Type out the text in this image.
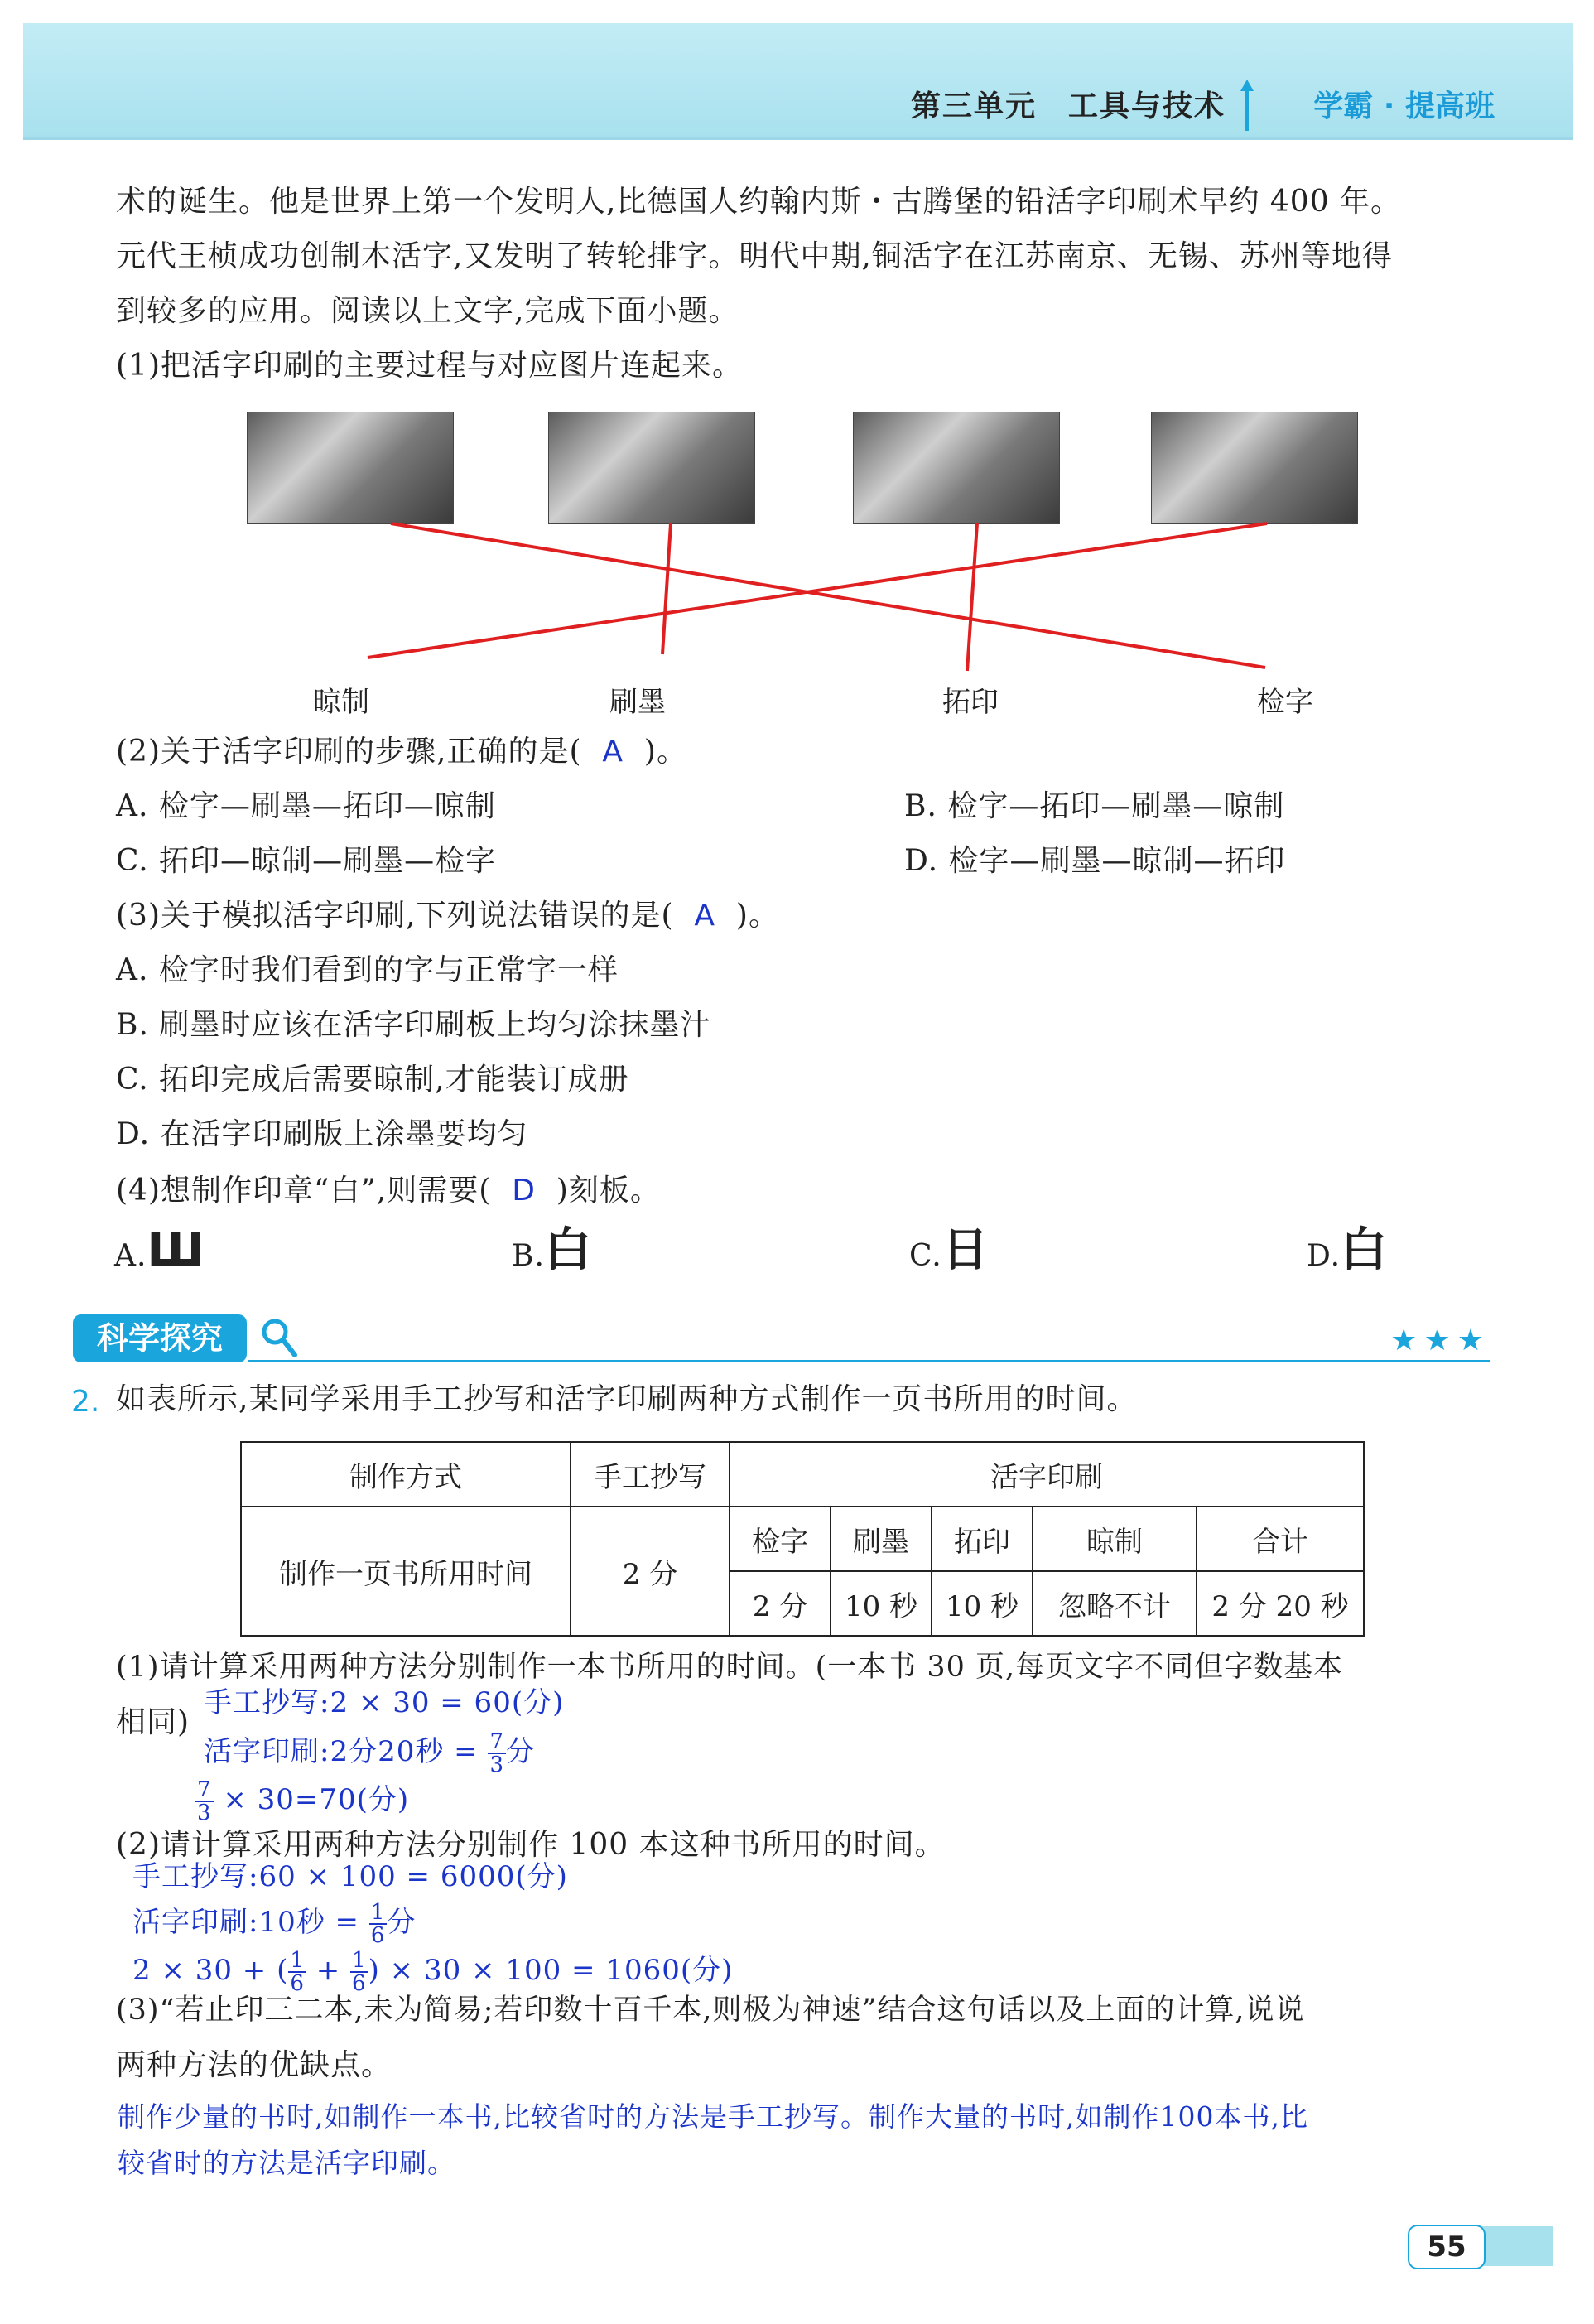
第三单元　工具与技术	学霸 · 提高班
术的诞生。他是世界上第一个发明人,比德国人约翰内斯・古腾堡的铅活字印刷术早约 400 年。
元代王桢成功创制木活字,又发明了转轮排字。明代中期,铜活字在江苏南京、无锡、苏州等地得
到较多的应用。阅读以上文字,完成下面小题。
(1)把活字印刷的主要过程与对应图片连起来。
晾制	刷墨	拓印	检字
(2)关于活字印刷的步骤,正确的是( A )。
A. 检字—刷墨—拓印—晾制	B. 检字—拓印—刷墨—晾制
C. 拓印—晾制—刷墨—检字	D. 检字—刷墨—晾制—拓印
(3)关于模拟活字印刷,下列说法错误的是( A )。
A. 检字时我们看到的字与正常字一样
B. 刷墨时应该在活字印刷板上均匀涂抹墨汁
C. 拓印完成后需要晾制,才能装订成册
D. 在活字印刷版上涂墨要均匀
(4)想制作印章“白”,则需要( D )刻板。
A.Ш	B.白	C.日	D.白
科学探究	★★★
2. 如表所示,某同学采用手工抄写和活字印刷两种方式制作一页书所用的时间。
制作方式	手工抄写	活字印刷				
制作一页书所用时间	2 分	检字	刷墨	拓印	晾制	合计
		2 分	10 秒	10 秒	忽略不计	2 分 20 秒
(1)请计算采用两种方法分别制作一本书所用的时间。(一本书 30 页,每页文字不同但字数基本
相同)
手工抄写:2 × 30 = 60(分)
活字印刷:2分20秒 = $\frac{7}{3}$ 分
$\frac{7}{3} \times 30=70$(分)
(2)请计算采用两种方法分别制作 100 本这种书所用的时间。
手工抄写:60 × 100 = 6000(分)
活字印刷:10秒 = $\frac{1}{6}$ 分
2 × 30 + ( $\frac{1}{6} + \frac{1}{6}$ ) × 30 × 100 = 1060(分)
(3)“若止印三二本,未为简易;若印数十百千本,则极为神速”结合这句话以及上面的计算,说说
两种方法的优缺点。
制作少量的书时,如制作一本书,比较省时的方法是手工抄写。制作大量的书时,如制作100本书,比
较省时的方法是活字印刷。
55
